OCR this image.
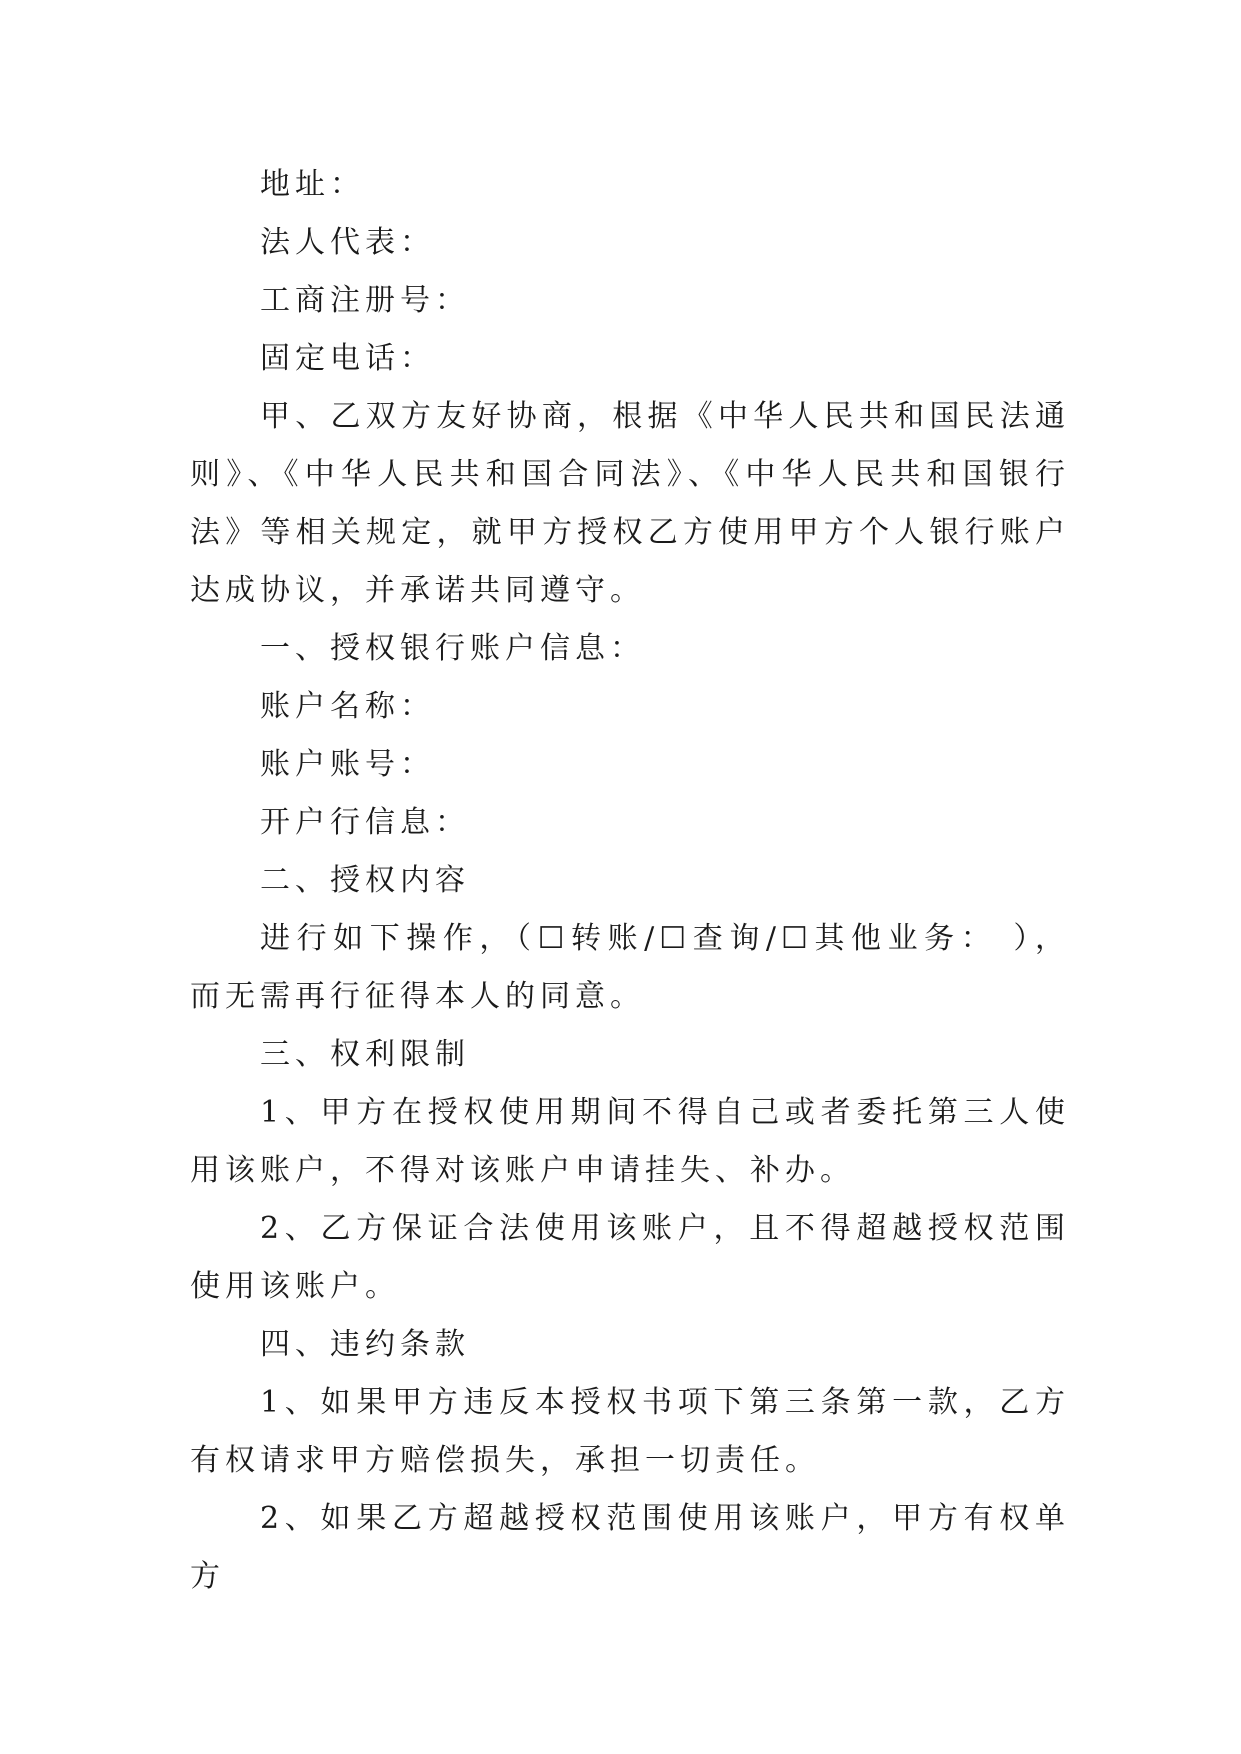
地址：

法人代表：

工商注册号：

固定电话：

甲、乙双方友好协商，根据《中华人民共和国民法通则》、《中华人民共和国合同法》、《中华人民共和国银行法》等相关规定，就甲方授权乙方使用甲方个人银行账户达成协议，并承诺共同遵守。

一、授权银行账户信息：

账户名称：

账户账号：

开户行信息：

二、授权内容

进行如下操作，（☐转账/☐查询/☐其他业务： ），而无需再行征得本人的同意。

三、权利限制

1、甲方在授权使用期间不得自己或者委托第三人使用该账户，不得对该账户申请挂失、补办。

2、乙方保证合法使用该账户，且不得超越授权范围使用该账户。

四、违约条款

1、如果甲方违反本授权书项下第三条第一款，乙方有权请求甲方赔偿损失，承担一切责任。

2、如果乙方超越授权范围使用该账户，甲方有权单方
